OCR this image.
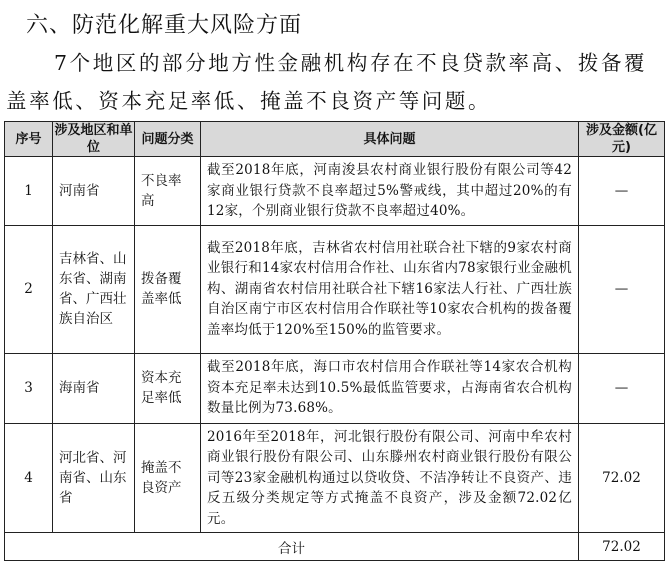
六、防范化解重大风险方面
7个地区的部分地方性金融机构存在不良贷款率高、拨备覆盖率低、资本充足率低、掩盖不良资产等问题。
序号	涉及地区和单位	问题分类	具体问题	涉及金额(亿元)
1	河南省	不良率高	截至2018年底，河南浚县农村商业银行股份有限公司等42家商业银行贷款不良率超过5%警戒线，其中超过20%的有12家，个别商业银行贷款不良率超过40%。	—
2	吉林省、山东省、湖南省、广西壮族自治区	拨备覆盖率低	截至2018年底，吉林省农村信用社联合社下辖的9家农村商业银行和14家农村信用合作社、山东省内78家银行业金融机构、湖南省农村信用社联合社下辖16家法人行社、广西壮族自治区南宁市区农村信用合作联社等10家农合机构的拨备覆盖率均低于120%至150%的监管要求。	—
3	海南省	资本充足率低	截至2018年底，海口市农村信用合作联社等14家农合机构资本充足率未达到10.5%最低监管要求，占海南省农合机构数量比例为73.68%。	—
4	河北省、河南省、山东省	掩盖不良资产	2016年至2018年，河北银行股份有限公司、河南中牟农村商业银行股份有限公司、山东滕州农村商业银行股份有限公司等23家金融机构通过以贷收贷、不洁净转让不良资产、违反五级分类规定等方式掩盖不良资产，涉及金额72.02亿元。	72.02
合计				72.02
